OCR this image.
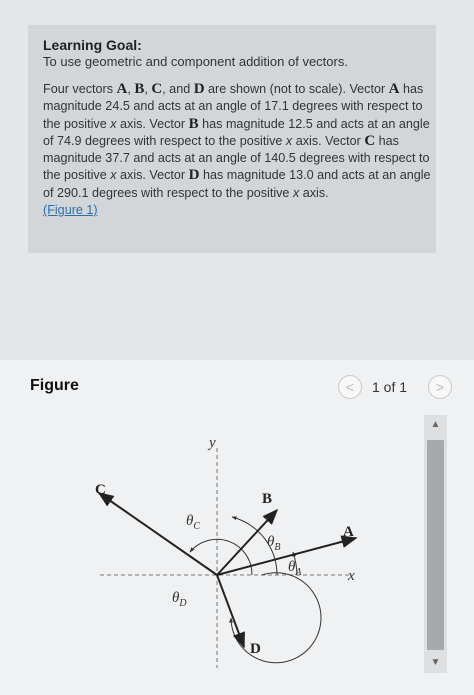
Learning Goal:
To use geometric and component addition of vectors.
Four vectors A, B, C, and D are shown (not to scale). Vector A has magnitude 24.5 and acts at an angle of 17.1 degrees with respect to the positive x axis. Vector B has magnitude 12.5 and acts at an angle of 74.9 degrees with respect to the positive x axis. Vector C has magnitude 37.7 and acts at an angle of 140.5 degrees with respect to the positive x axis. Vector D has magnitude 13.0 and acts at an angle of 290.1 degrees with respect to the positive x axis.
(Figure 1)
Figure	<	1 of 1	>
▲
▼
y
x
A
B
C
D
$\theta_C$
$\theta_B$
$\theta_A$
$\theta_D$
